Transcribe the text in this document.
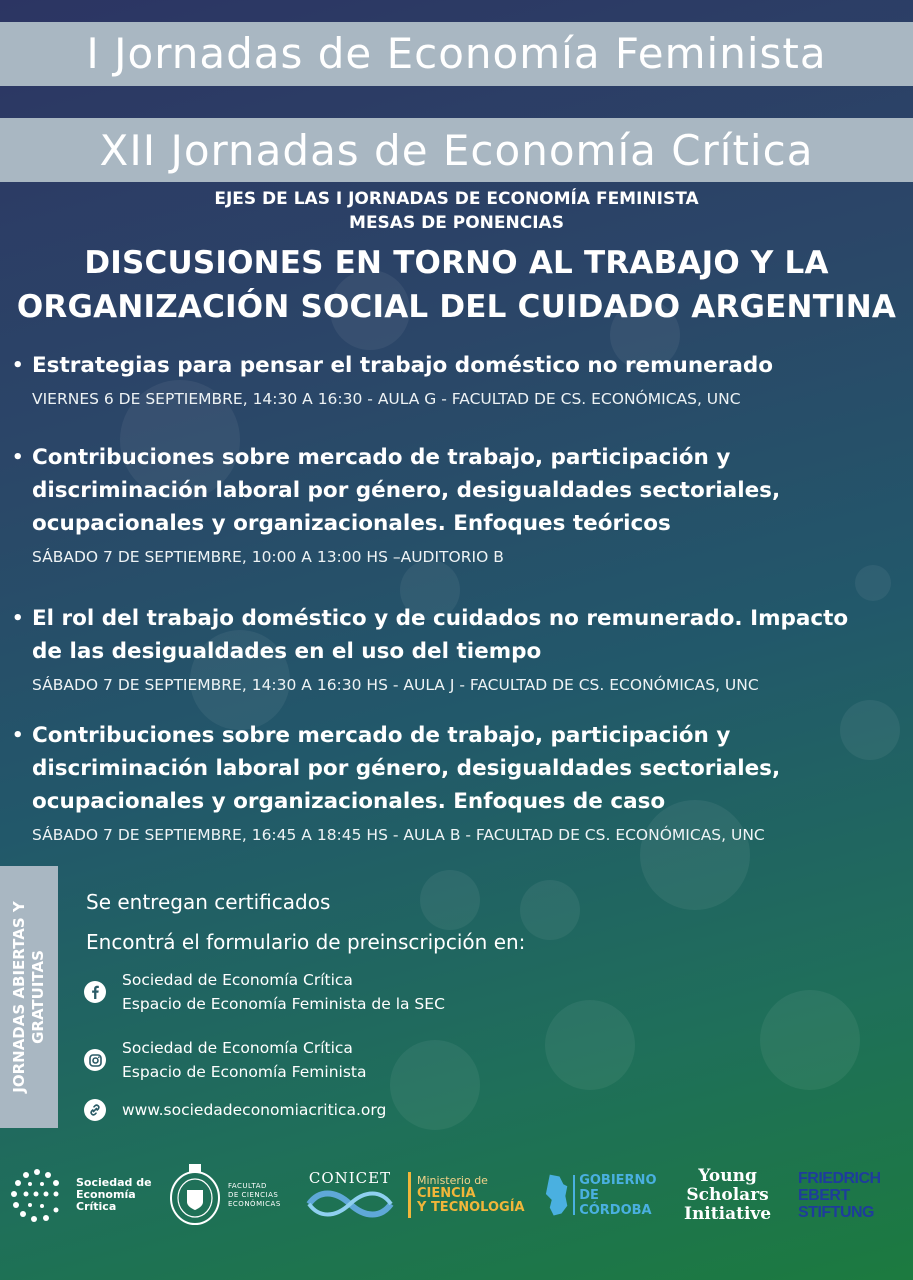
I Jornadas de Economía Feminista
XII Jornadas de Economía Crítica
EJES DE LAS I JORNADAS DE ECONOMÍA FEMINISTA
MESAS DE PONENCIAS
DISCUSIONES EN TORNO AL TRABAJO Y LA
ORGANIZACIÓN SOCIAL DEL CUIDADO ARGENTINA
• Estrategias para pensar el trabajo doméstico no remunerado
VIERNES 6 DE SEPTIEMBRE, 14:30 A 16:30 - AULA G - FACULTAD DE CS. ECONÓMICAS, UNC
• Contribuciones sobre mercado de trabajo, participación y
discriminación laboral por género, desigualdades sectoriales,
ocupacionales y organizacionales. Enfoques teóricos
SÁBADO 7 DE SEPTIEMBRE, 10:00 A 13:00 HS –AUDITORIO B
• El rol del trabajo doméstico y de cuidados no remunerado. Impacto
de las desigualdades en el uso del tiempo
SÁBADO 7 DE SEPTIEMBRE, 14:30 A 16:30 HS - AULA J - FACULTAD DE CS. ECONÓMICAS, UNC
• Contribuciones sobre mercado de trabajo, participación y
discriminación laboral por género, desigualdades sectoriales,
ocupacionales y organizacionales. Enfoques de caso
SÁBADO 7 DE SEPTIEMBRE, 16:45 A 18:45 HS - AULA B - FACULTAD DE CS. ECONÓMICAS, UNC
JORNADAS ABIERTAS Y
GRATUITAS
Se entregan certificados
Encontrá el formulario de preinscripción en:
Sociedad de Economía Crítica
Espacio de Economía Feminista de la SEC
Sociedad de Economía Crítica
Espacio de Economía Feminista
www.sociedadeconomiacritica.org
Sociedad de
Economía
Crítica
FACULTAD
DE CIENCIAS
ECONÓMICAS
CONICET Ministerio de
CIENCIA
Y TECNOLOGÍA
GOBIERNO DE
CÓRDOBA
Young
Scholars
Initiative
FRIEDRICH
EBERT
STIFTUNG
